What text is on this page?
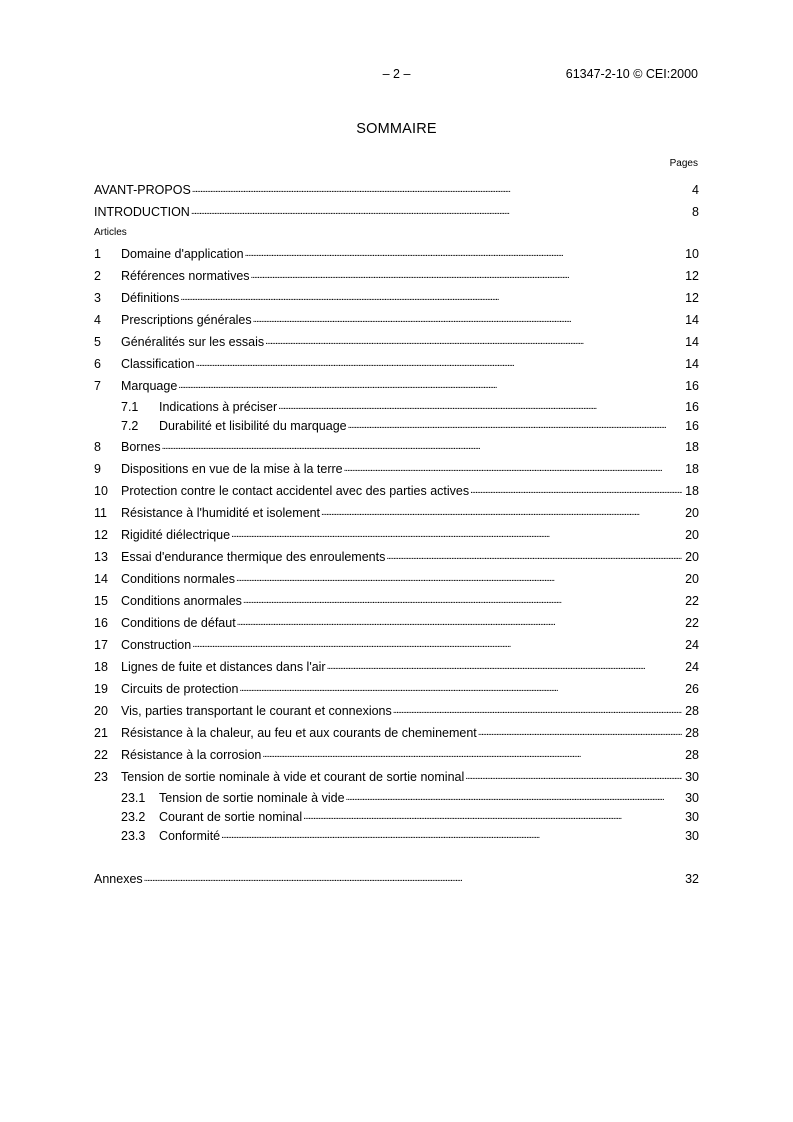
– 2 –	61347-2-10 © CEI:2000
SOMMAIRE
Pages
AVANT-PROPOS . . .	4
INTRODUCTION . . .	8
Articles
1	Domaine d'application . . .	10
2	Références normatives . . .	12
3	Définitions . . .	12
4	Prescriptions générales . . .	14
5	Généralités sur les essais . . .	14
6	Classification . . .	14
7	Marquage . . .	16
7.1	Indications à préciser . . .	16
7.2	Durabilité et lisibilité du marquage . . .	16
8	Bornes . . .	18
9	Dispositions en vue de la mise à la terre . . .	18
10	Protection contre le contact accidentel avec des parties actives . . .	18
11	Résistance à l'humidité et isolement . . .	20
12	Rigidité diélectrique . . .	20
13	Essai d'endurance thermique des enroulements . . .	20
14	Conditions normales . . .	20
15	Conditions anormales . . .	22
16	Conditions de défaut . . .	22
17	Construction . . .	24
18	Lignes de fuite et distances dans l'air . . .	24
19	Circuits de protection . . .	26
20	Vis, parties transportant le courant et connexions . . .	28
21	Résistance à la chaleur, au feu et aux courants de cheminement . . .	28
22	Résistance à la corrosion . . .	28
23	Tension de sortie nominale à vide et courant de sortie nominal . . .	30
23.1	Tension de sortie nominale à vide . . .	30
23.2	Courant de sortie nominal . . .	30
23.3	Conformité . . .	30
Annexes . . .	32
